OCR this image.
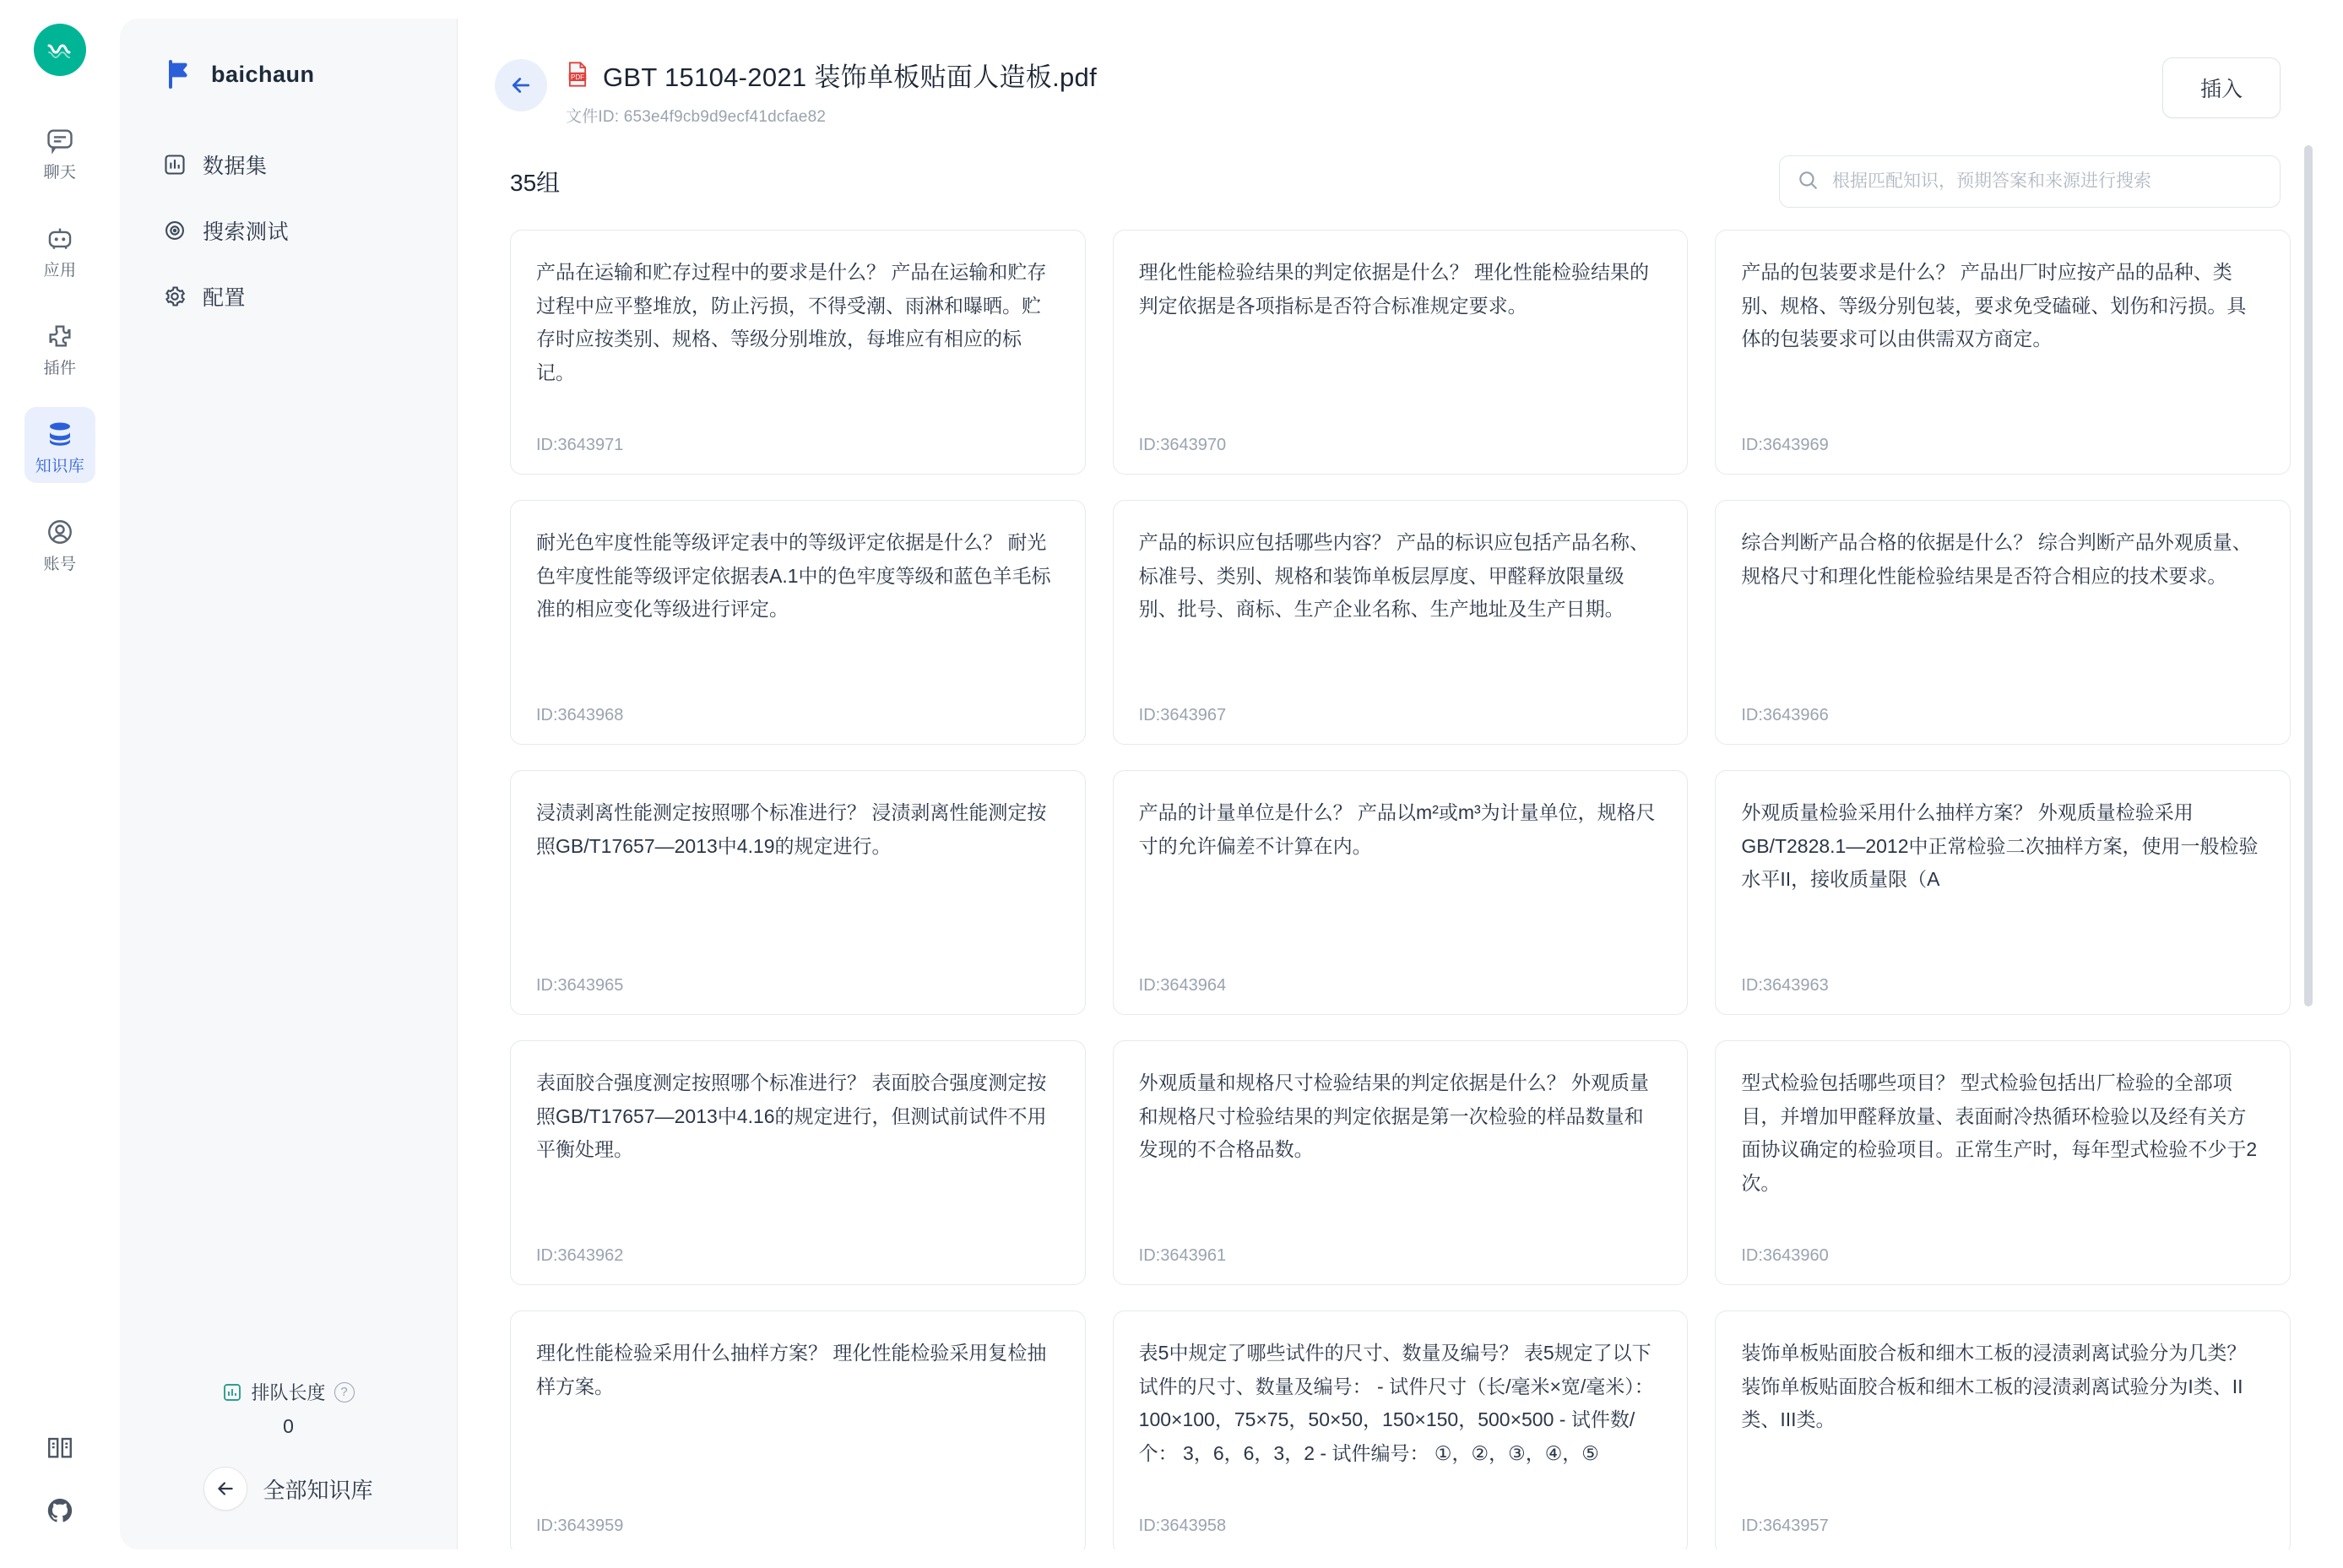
聊天
应用
插件
知识库
账号
baichaun
数据集
搜索测试
配置
排队长度	?
0
全部知识库
PDF GBT 15104-2021 装饰单板贴面人造板.pdf
文件ID: 653e4f9cb9d9ecf41dcfae82
插入
35组
根据匹配知识，预期答案和来源进行搜索
产品在运输和贮存过程中的要求是什么？ 产品在运输和贮存过程中应平整堆放，防止污损，不得受潮、雨淋和曝晒。贮存时应按类别、规格、等级分别堆放，每堆应有相应的标记。
ID:3643971
理化性能检验结果的判定依据是什么？ 理化性能检验结果的判定依据是各项指标是否符合标准规定要求。
ID:3643970
产品的包装要求是什么？ 产品出厂时应按产品的品种、类别、规格、等级分别包装，要求免受磕碰、划伤和污损。具体的包装要求可以由供需双方商定。
ID:3643969
耐光色牢度性能等级评定表中的等级评定依据是什么？ 耐光色牢度性能等级评定依据表A.1中的色牢度等级和蓝色羊毛标准的相应变化等级进行评定。
ID:3643968
产品的标识应包括哪些内容？ 产品的标识应包括产品名称、标准号、类别、规格和装饰单板层厚度、甲醛释放限量级别、批号、商标、生产企业名称、生产地址及生产日期。
ID:3643967
综合判断产品合格的依据是什么？ 综合判断产品外观质量、规格尺寸和理化性能检验结果是否符合相应的技术要求。
ID:3643966
浸渍剥离性能测定按照哪个标准进行？ 浸渍剥离性能测定按照GB/T17657—2013中4.19的规定进行。
ID:3643965
产品的计量单位是什么？ 产品以m²或m³为计量单位，规格尺寸的允许偏差不计算在内。
ID:3643964
外观质量检验采用什么抽样方案？ 外观质量检验采用GB/T2828.1—2012中正常检验二次抽样方案，使用一般检验水平II，接收质量限（A
ID:3643963
表面胶合强度测定按照哪个标准进行？ 表面胶合强度测定按照GB/T17657—2013中4.16的规定进行，但测试前试件不用平衡处理。
ID:3643962
外观质量和规格尺寸检验结果的判定依据是什么？ 外观质量和规格尺寸检验结果的判定依据是第一次检验的样品数量和发现的不合格品数。
ID:3643961
型式检验包括哪些项目？ 型式检验包括出厂检验的全部项目，并增加甲醛释放量、表面耐冷热循环检验以及经有关方面协议确定的检验项目。正常生产时，每年型式检验不少于2次。
ID:3643960
理化性能检验采用什么抽样方案？ 理化性能检验采用复检抽样方案。
ID:3643959
表5中规定了哪些试件的尺寸、数量及编号？ 表5规定了以下试件的尺寸、数量及编号： - 试件尺寸（长/毫米×宽/毫米）： 100×100，75×75，50×50，150×150，500×500 - 试件数/个： 3，6，6，3，2 - 试件编号： ①，②，③，④，⑤
ID:3643958
装饰单板贴面胶合板和细木工板的浸渍剥离试验分为几类？ 装饰单板贴面胶合板和细木工板的浸渍剥离试验分为I类、II类、III类。
ID:3643957
